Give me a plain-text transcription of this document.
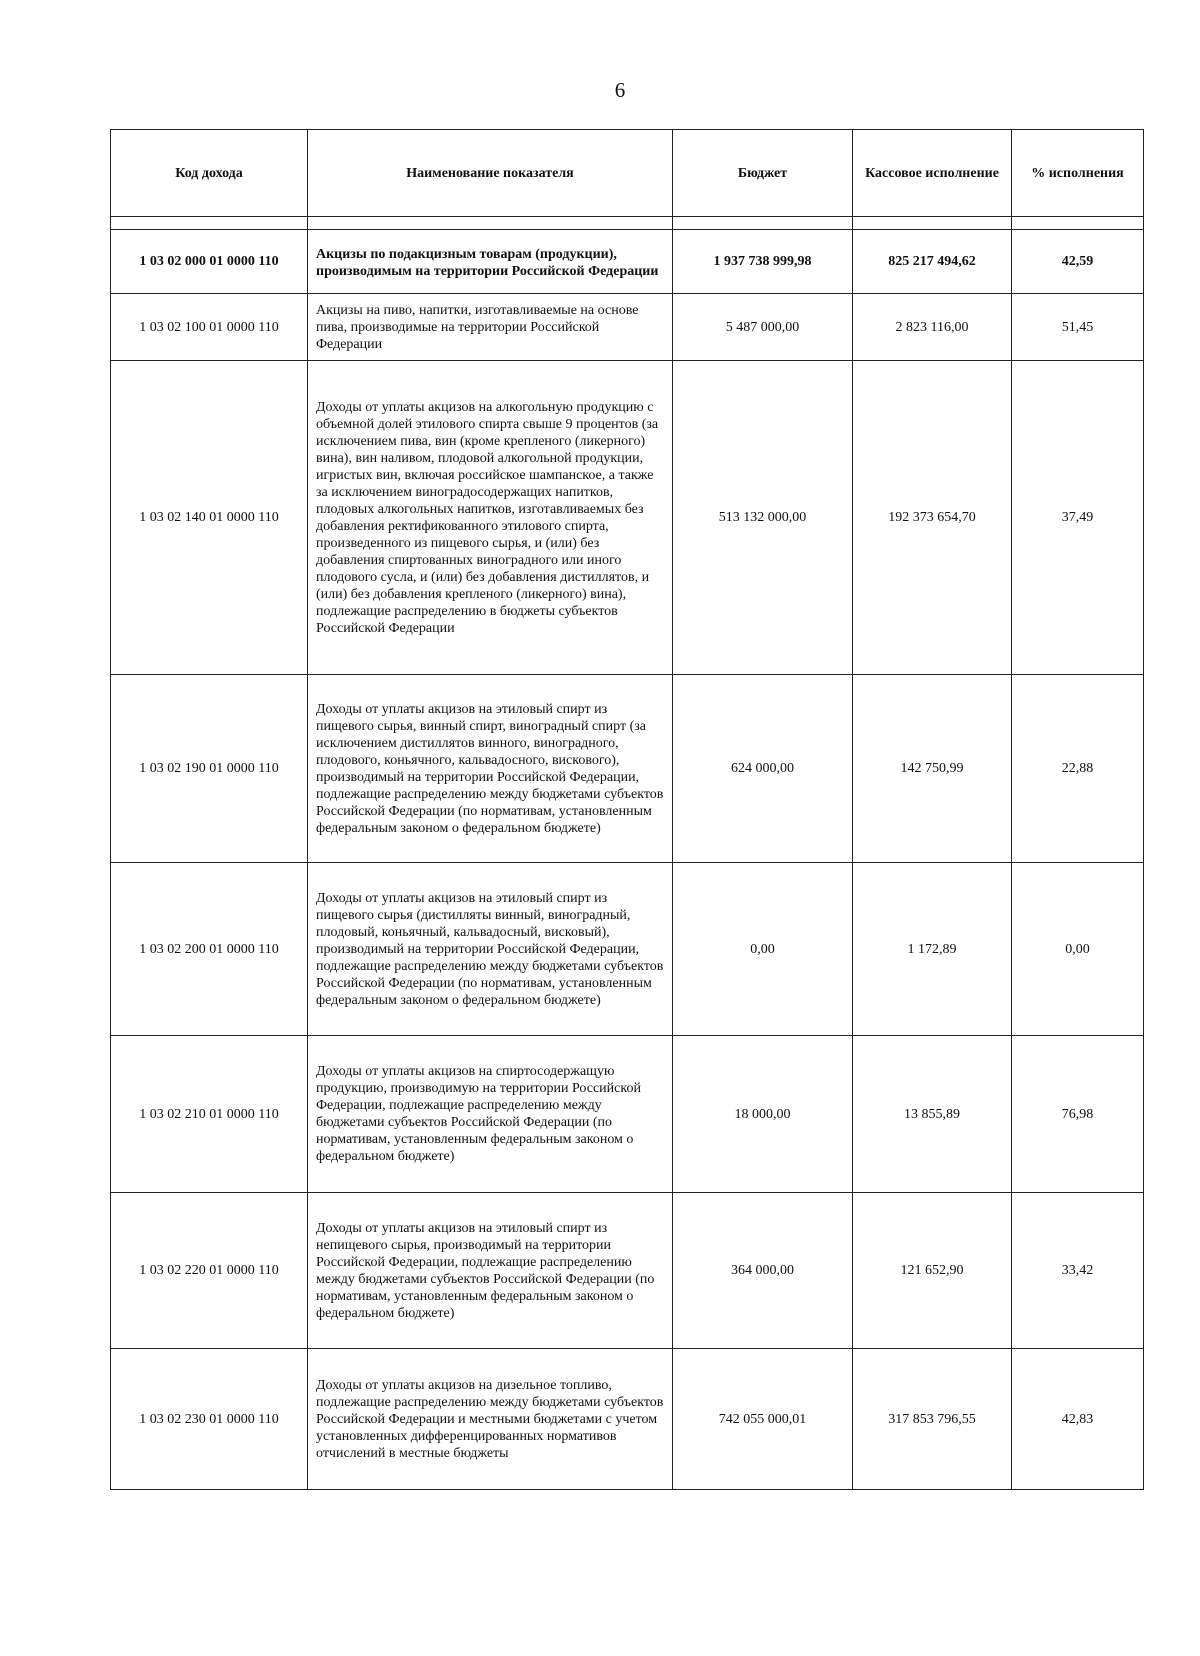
6
Код дохода	Наименование показателя	Бюджет	Кассовое исполнение	% исполнения

1 03 02 000 01 0000 110	Акцизы по подакцизным товарам (продукции), производимым на территории Российской Федерации	1 937 738 999,98	825 217 494,62	42,59
1 03 02 100 01 0000 110	Акцизы на пиво, напитки, изготавливаемые на основе пива, производимые на территории Российской Федерации	5 487 000,00	2 823 116,00	51,45
1 03 02 140 01 0000 110	Доходы от уплаты акцизов на алкогольную продукцию с объемной долей этилового спирта свыше 9 процентов (за исключением пива, вин (кроме крепленого (ликерного) вина), вин наливом, плодовой алкогольной продукции, игристых вин, включая российское шампанское, а также за исключением виноградосодержащих напитков, плодовых алкогольных напитков, изготавливаемых без добавления ректификованного этилового спирта, произведенного из пищевого сырья, и (или) без добавления спиртованных виноградного или иного плодового сусла, и (или) без добавления дистиллятов, и (или) без добавления крепленого (ликерного) вина), подлежащие распределению в бюджеты субъектов Российской Федерации	513 132 000,00	192 373 654,70	37,49
1 03 02 190 01 0000 110	Доходы от уплаты акцизов на этиловый спирт из пищевого сырья, винный спирт, виноградный спирт (за исключением дистиллятов винного, виноградного, плодового, коньячного, кальвадосного, вискового), производимый на территории Российской Федерации, подлежащие распределению между бюджетами субъектов Российской Федерации (по нормативам, установленным федеральным законом о федеральном бюджете)	624 000,00	142 750,99	22,88
1 03 02 200 01 0000 110	Доходы от уплаты акцизов на этиловый спирт из пищевого сырья (дистилляты винный, виноградный, плодовый, коньячный, кальвадосный, висковый), производимый на территории Российской Федерации, подлежащие распределению между бюджетами субъектов Российской Федерации (по нормативам, установленным федеральным законом о федеральном бюджете)	0,00	1 172,89	0,00
1 03 02 210 01 0000 110	Доходы от уплаты акцизов на спиртосодержащую продукцию, производимую на территории Российской Федерации, подлежащие распределению между бюджетами субъектов Российской Федерации (по нормативам, установленным федеральным законом о федеральном бюджете)	18 000,00	13 855,89	76,98
1 03 02 220 01 0000 110	Доходы от уплаты акцизов на этиловый спирт из непищевого сырья, производимый на территории Российской Федерации, подлежащие распределению между бюджетами субъектов Российской Федерации (по нормативам, установленным федеральным законом о федеральном бюджете)	364 000,00	121 652,90	33,42
1 03 02 230 01 0000 110	Доходы от уплаты акцизов на дизельное топливо, подлежащие распределению между бюджетами субъектов Российской Федерации и местными бюджетами с учетом установленных дифференцированных нормативов отчислений в местные бюджеты	742 055 000,01	317 853 796,55	42,83
